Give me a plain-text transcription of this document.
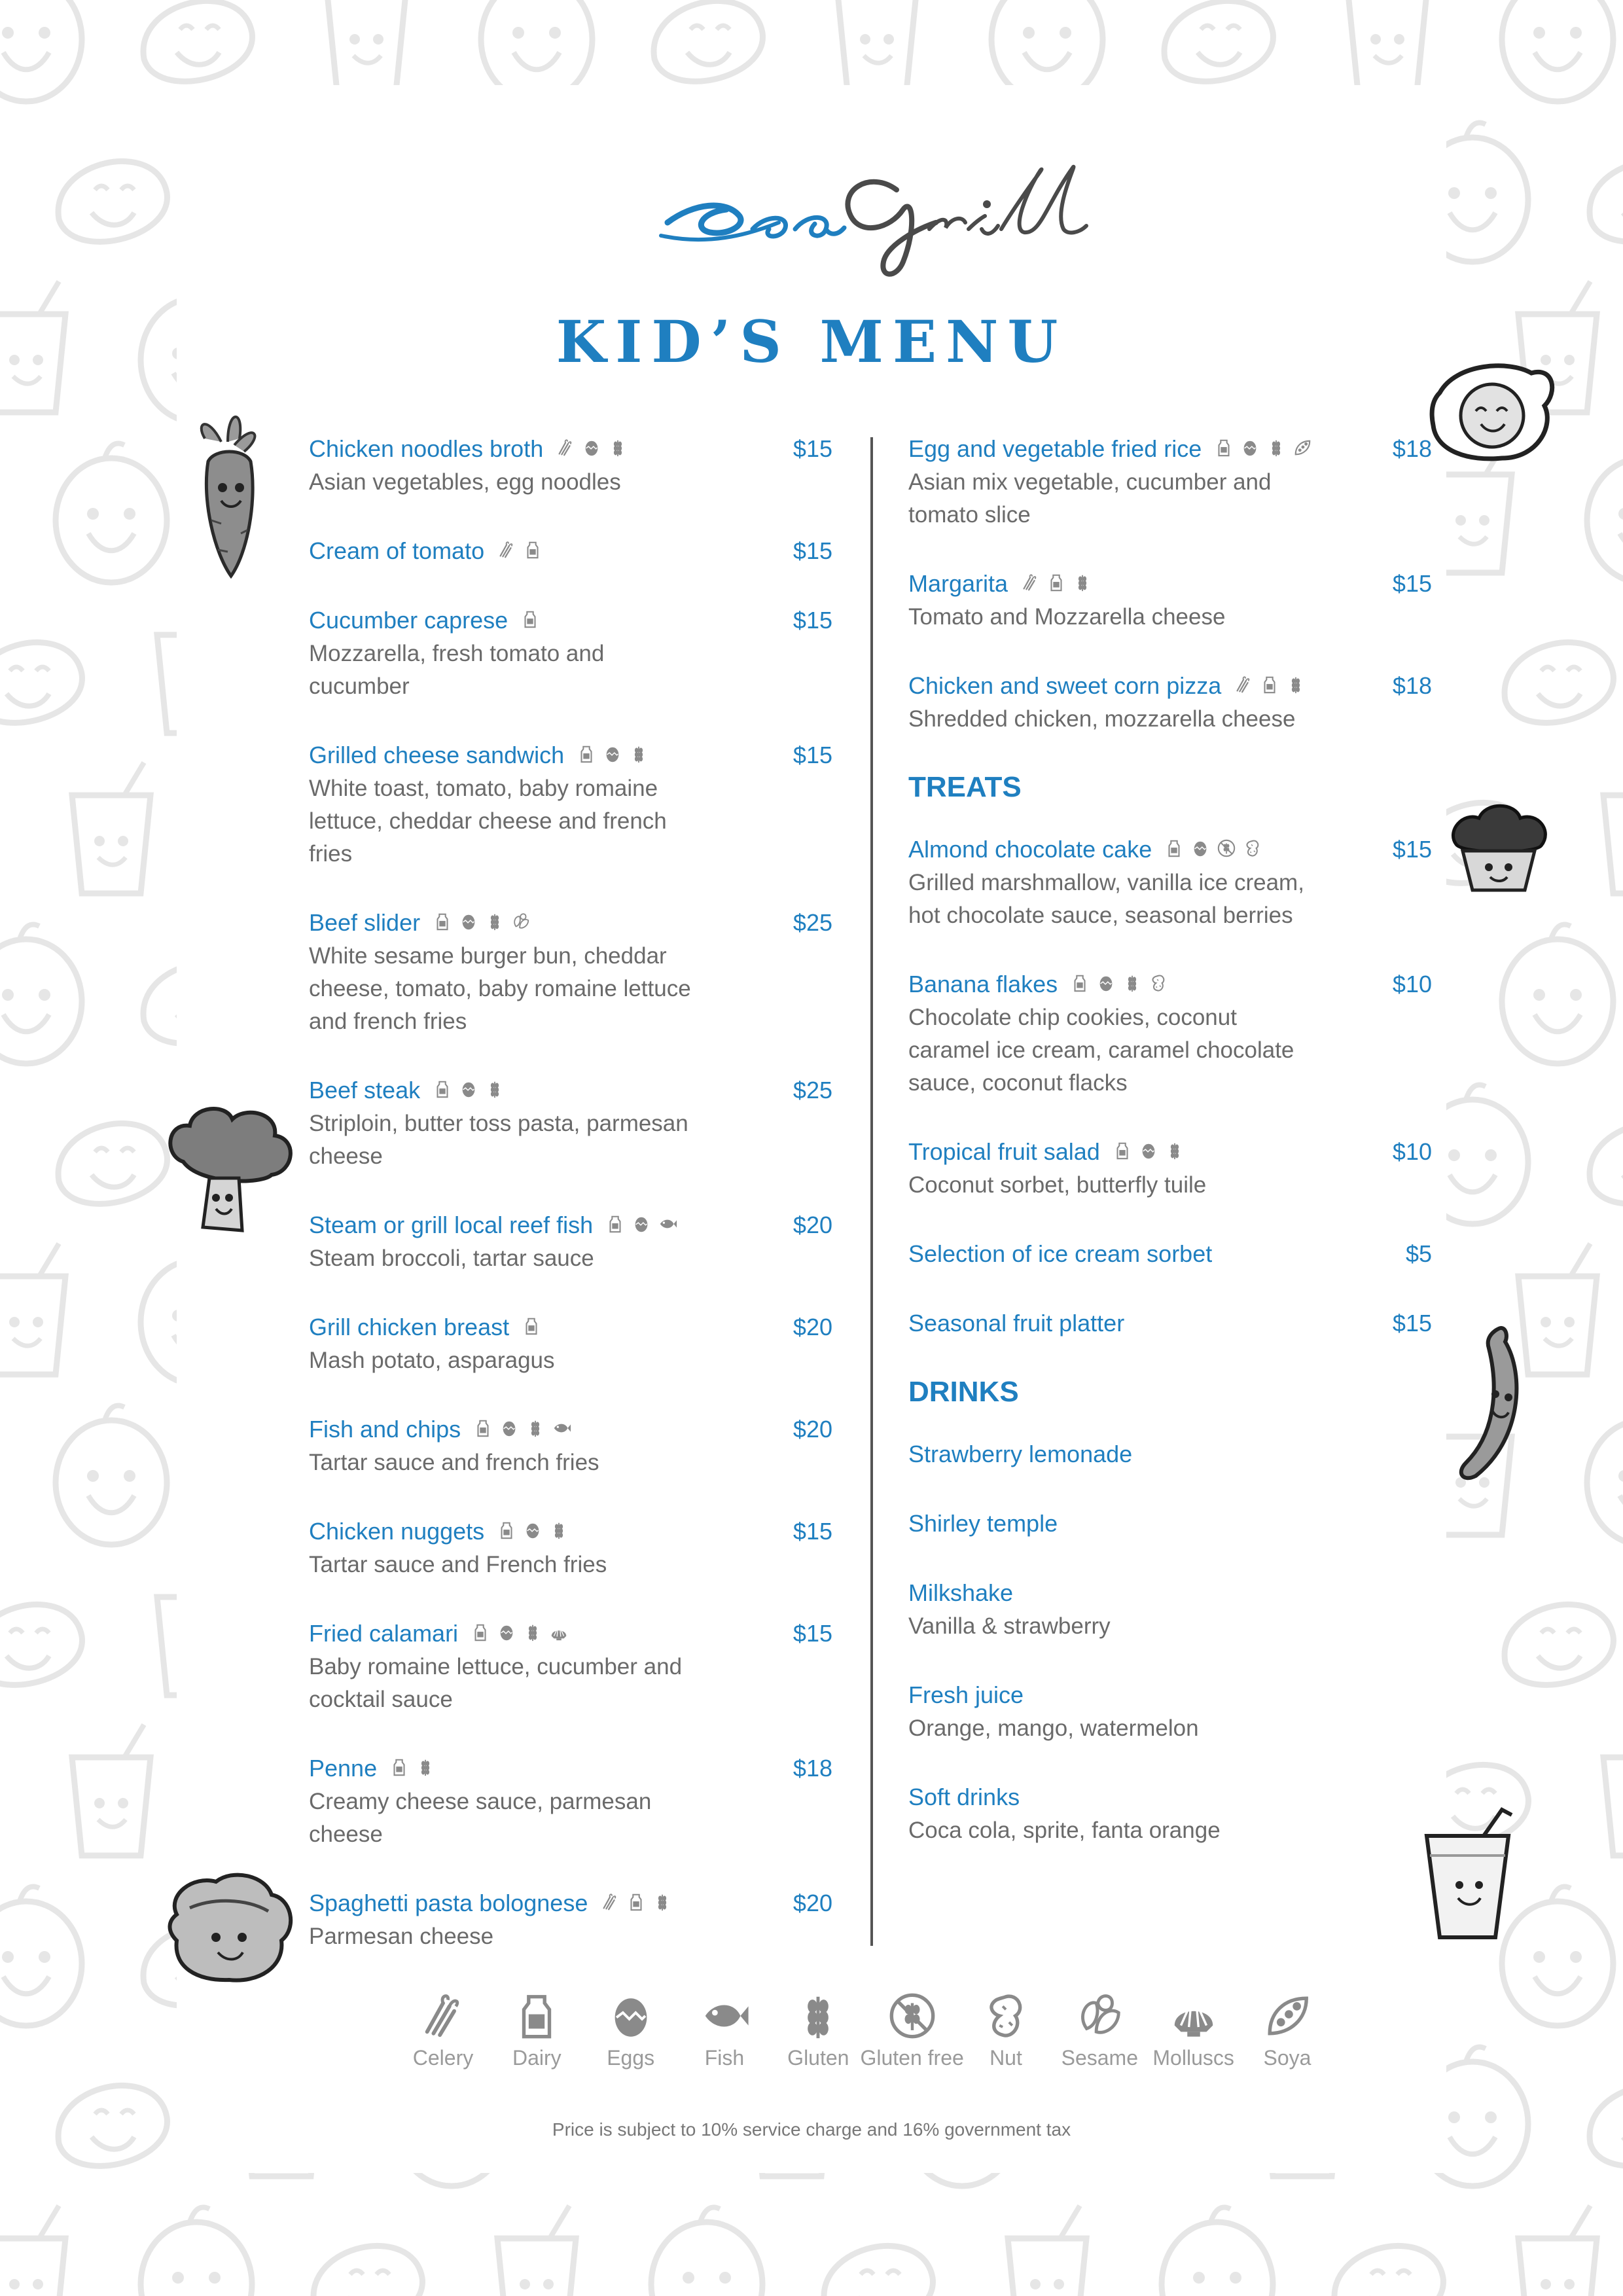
KID’S MENU
Chicken noodles broth	$15
Asian vegetables, egg noodles
Cream of tomato	$15
Cucumber caprese	$15
Mozzarella, fresh tomato and cucumber
Grilled cheese sandwich	$15
White toast, tomato, baby romaine lettuce, cheddar cheese and french fries
Beef slider	$25
White sesame burger bun, cheddar cheese, tomato, baby romaine lettuce and french fries
Beef steak	$25
Striploin, butter toss pasta, parmesan cheese
Steam or grill local reef fish	$20
Steam broccoli, tartar sauce
Grill chicken breast	$20
Mash potato, asparagus
Fish and chips	$20
Tartar sauce and french fries
Chicken nuggets	$15
Tartar sauce and French fries
Fried calamari	$15
Baby romaine lettuce, cucumber and cocktail sauce
Penne	$18
Creamy cheese sauce, parmesan cheese
Spaghetti pasta bolognese	$20
Parmesan cheese
Egg and vegetable fried rice	$18
Asian mix vegetable, cucumber and tomato slice
Margarita	$15
Tomato and Mozzarella cheese
Chicken and sweet corn pizza	$18
Shredded chicken, mozzarella cheese
TREATS
Almond chocolate cake	$15
Grilled marshmallow, vanilla ice cream, hot chocolate sauce, seasonal berries
Banana flakes	$10
Chocolate chip cookies, coconut caramel ice cream, caramel chocolate sauce, coconut flacks
Tropical fruit salad	$10
Coconut sorbet, butterfly tuile
Selection of ice cream sorbet	$5
Seasonal fruit platter	$15
DRINKS
Strawberry lemonade
Shirley temple
Milkshake
Vanilla & strawberry
Fresh juice
Orange, mango, watermelon
Soft drinks
Coca cola, sprite, fanta orange
Celery Dairy Eggs Fish Gluten Gluten free Nut Sesame Molluscs Soya
Price is subject to 10% service charge and 16% government tax
